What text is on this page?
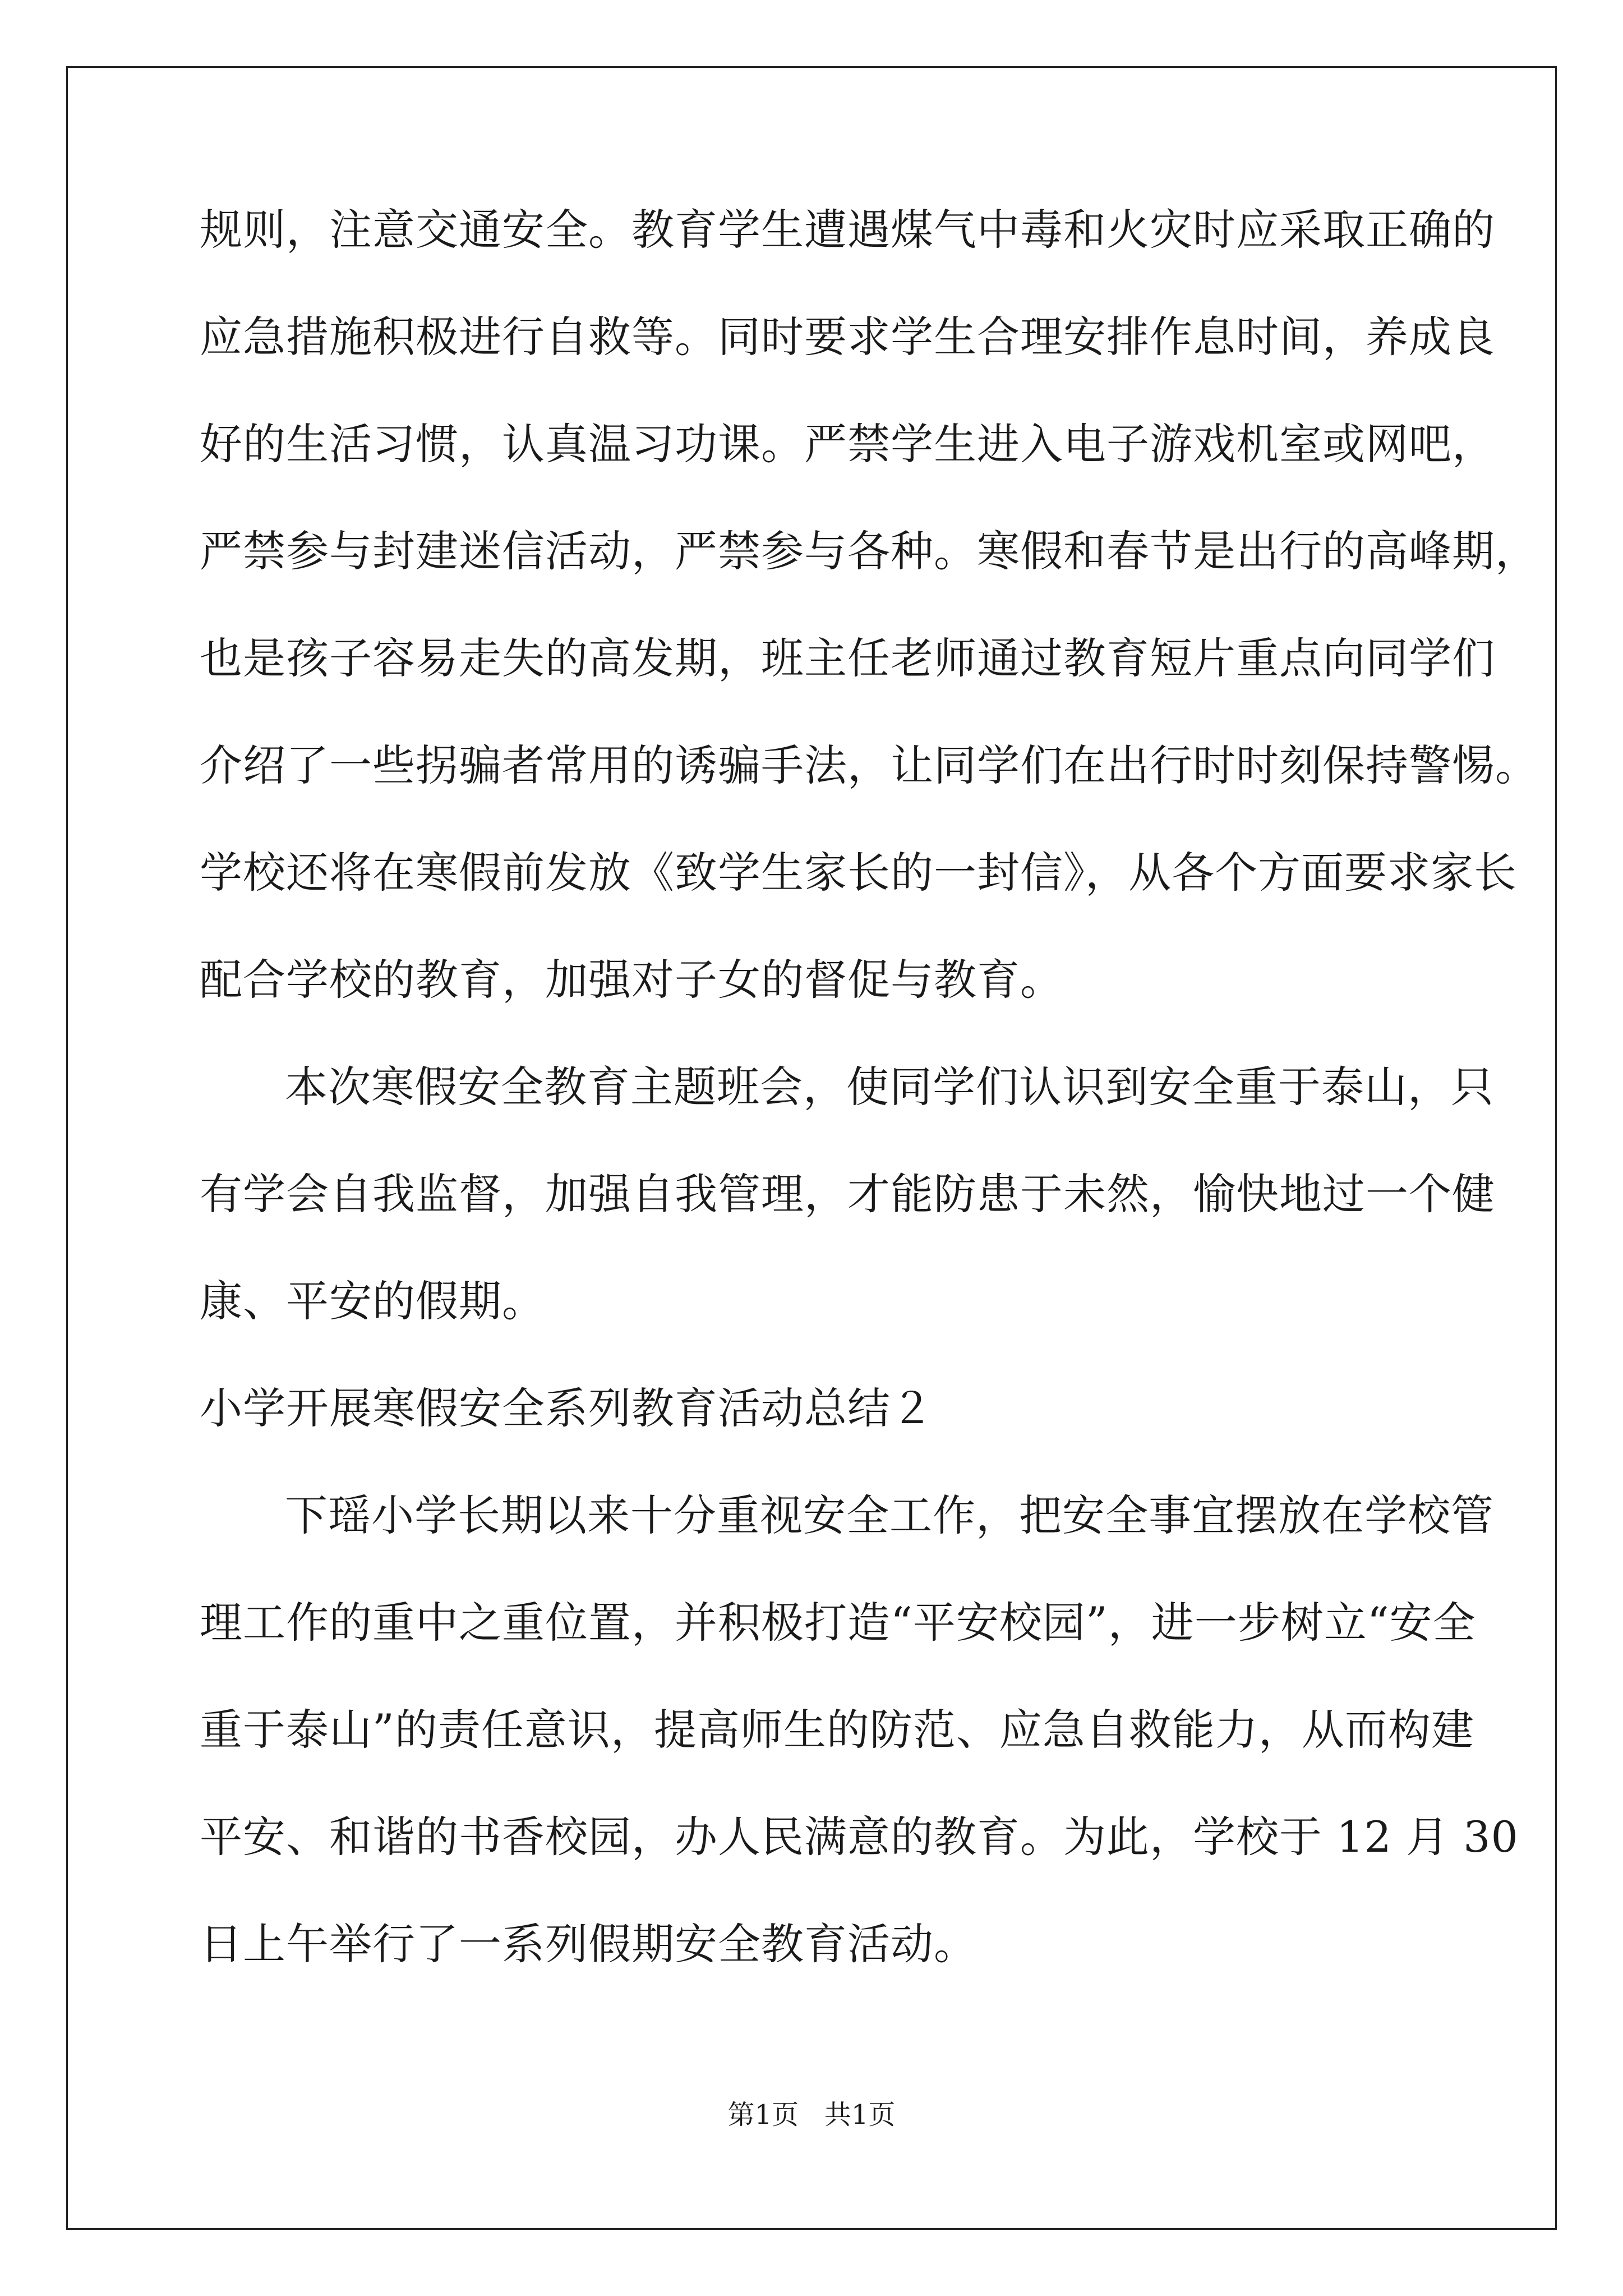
规则，注意交通安全。教育学生遭遇煤气中毒和火灾时应采取正确的
应急措施积极进行自救等。同时要求学生合理安排作息时间，养成良
好的生活习惯，认真温习功课。严禁学生进入电子游戏机室或网吧，
严禁参与封建迷信活动，严禁参与各种。寒假和春节是出行的高峰期，
也是孩子容易走失的高发期，班主任老师通过教育短片重点向同学们
介绍了一些拐骗者常用的诱骗手法，让同学们在出行时时刻保持警惕。
学校还将在寒假前发放《致学生家长的一封信》，从各个方面要求家长
配合学校的教育，加强对子女的督促与教育。
本次寒假安全教育主题班会，使同学们认识到安全重于泰山，只
有学会自我监督，加强自我管理，才能防患于未然，愉快地过一个健
康、平安的假期。
小学开展寒假安全系列教育活动总结２
下瑶小学长期以来十分重视安全工作，把安全事宜摆放在学校管
理工作的重中之重位置，并积极打造“平安校园”，进一步树立“安全
重于泰山”的责任意识，提高师生的防范、应急自救能力，从而构建
平安、和谐的书香校园，办人民满意的教育。为此，学校于 12 月 30
日上午举行了一系列假期安全教育活动。
第1页   共1页
